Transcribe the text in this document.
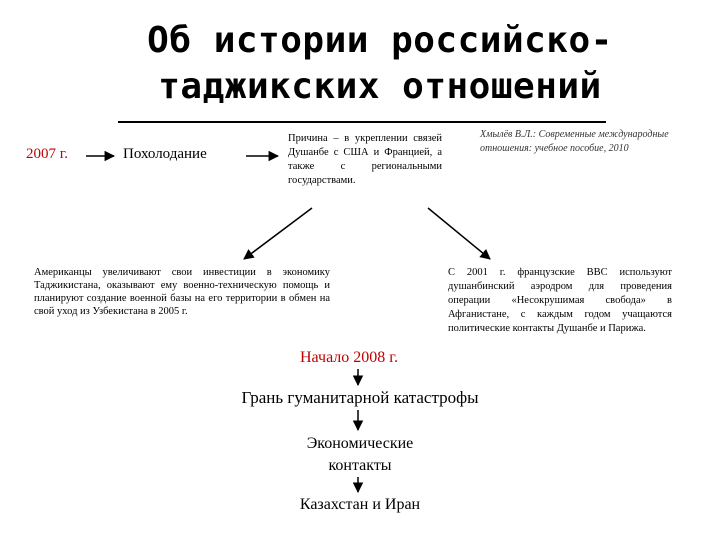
Об истории российско-
таджикских отношений
2007 г.	Похолодание
Причина – в укреплении связей Душанбе с США и Францией, а также с региональными государствами.
Хмылёв В.Л.: Современные международные отношения: учебное пособие, 2010
Американцы увеличивают свои инвестиции в экономику Таджикистана, оказывают ему военно-техническую помощь и планируют создание военной базы на его территории в обмен на свой уход из Узбекистана в 2005 г.
С 2001 г. французские ВВС используют душанбинский аэродром для проведения операции «Несокрушимая свобода» в Афганистане, с каждым годом учащаются политические контакты Душанбе и Парижа.
Начало 2008 г.
Грань гуманитарной катастрофы
Экономические
контакты
Казахстан и Иран
